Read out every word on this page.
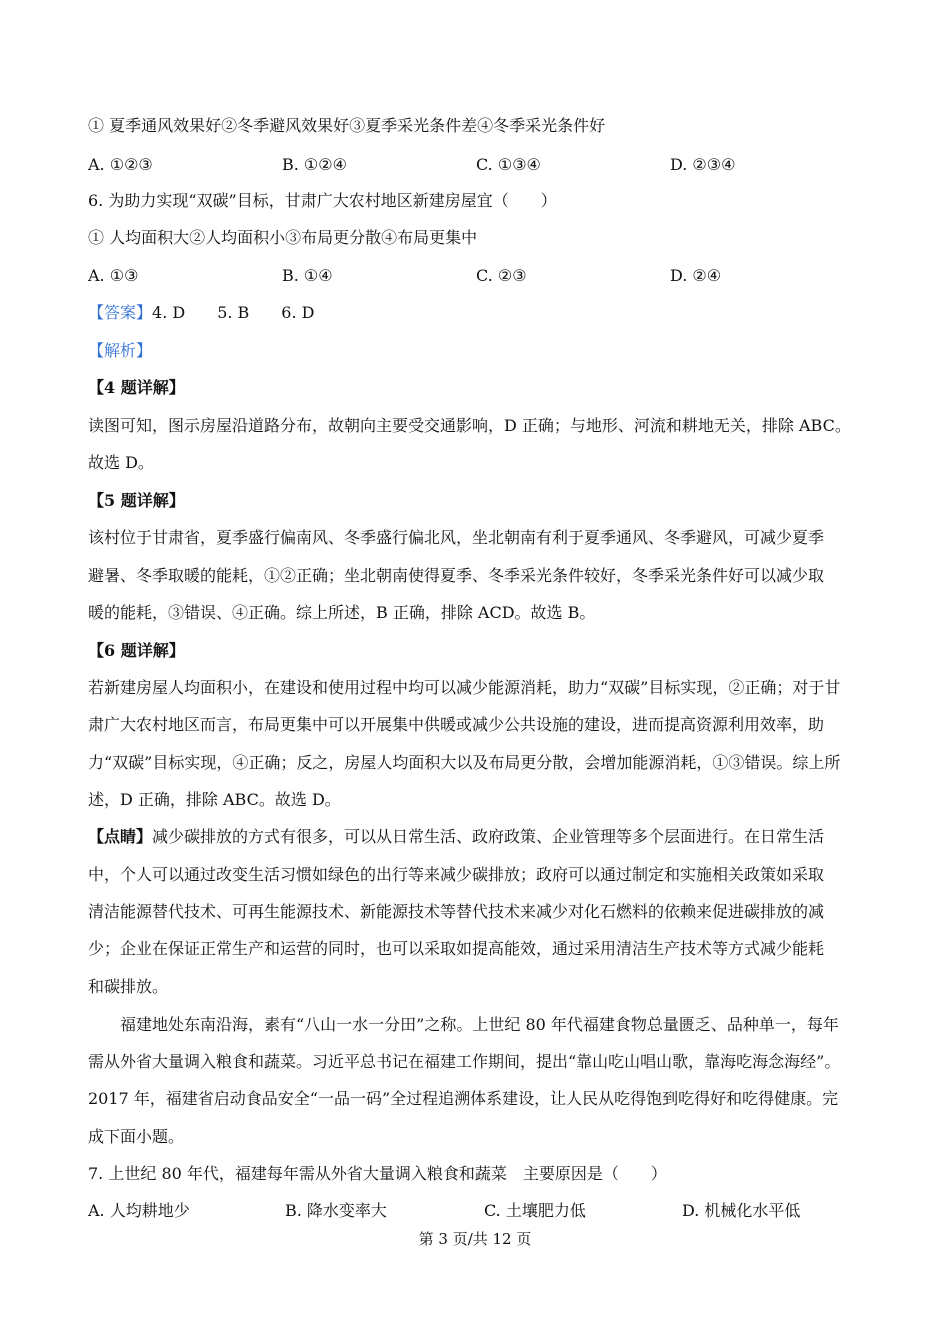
① 夏季通风效果好②冬季避风效果好③夏季采光条件差④冬季采光条件好
A. ①②③	B. ①②④	C. ①③④	D. ②③④
6. 为助力实现“双碳”目标，甘肃广大农村地区新建房屋宜（　　）
① 人均面积大②人均面积小③布局更分散④布局更集中
A. ①③	B. ①④	C. ②③	D. ②④
【答案】4. D　　5. B　　6. D
【解析】
【4 题详解】
读图可知，图示房屋沿道路分布，故朝向主要受交通影响，D 正确；与地形、河流和耕地无关，排除 ABC。
故选 D。
【5 题详解】
该村位于甘肃省，夏季盛行偏南风、冬季盛行偏北风，坐北朝南有利于夏季通风、冬季避风，可减少夏季
避暑、冬季取暖的能耗，①②正确；坐北朝南使得夏季、冬季采光条件较好，冬季采光条件好可以减少取
暖的能耗，③错误、④正确。综上所述，B 正确，排除 ACD。故选 B。
【6 题详解】
若新建房屋人均面积小，在建设和使用过程中均可以减少能源消耗，助力“双碳”目标实现，②正确；对于甘
肃广大农村地区而言，布局更集中可以开展集中供暖或减少公共设施的建设，进而提高资源利用效率，助
力“双碳”目标实现，④正确；反之，房屋人均面积大以及布局更分散，会增加能源消耗，①③错误。综上所
述，D 正确，排除 ABC。故选 D。
【点睛】减少碳排放的方式有很多，可以从日常生活、政府政策、企业管理等多个层面进行。在日常生活
中，个人可以通过改变生活习惯如绿色的出行等来减少碳排放；政府可以通过制定和实施相关政策如采取
清洁能源替代技术、可再生能源技术、新能源技术等替代技术来减少对化石燃料的依赖来促进碳排放的减
少；企业在保证正常生产和运营的同时，也可以采取如提高能效，通过采用清洁生产技术等方式减少能耗
和碳排放。
福建地处东南沿海，素有“八山一水一分田”之称。上世纪 80 年代福建食物总量匮乏、品种单一，每年
需从外省大量调入粮食和蔬菜。习近平总书记在福建工作期间，提出“靠山吃山唱山歌，靠海吃海念海经”。
2017 年，福建省启动食品安全“一品一码”全过程追溯体系建设，让人民从吃得饱到吃得好和吃得健康。完
成下面小题。
7. 上世纪 80 年代，福建每年需从外省大量调入粮食和蔬菜　主要原因是（　　）
A. 人均耕地少	B. 降水变率大	C. 土壤肥力低	D. 机械化水平低
第 3 页/共 12 页
